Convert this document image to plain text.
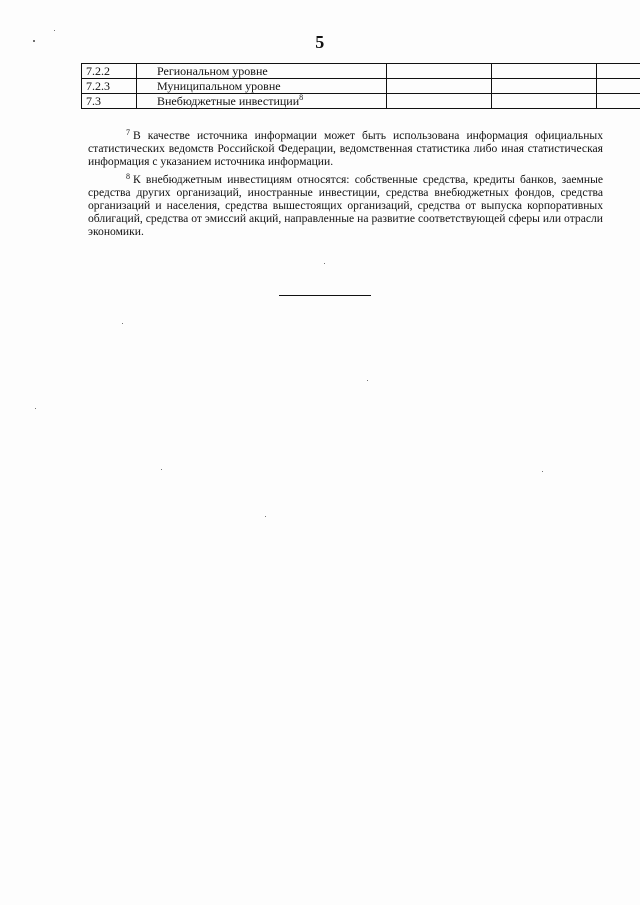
5
7.2.2	Региональном уровне			
7.2.3	Муниципальном уровне			
7.3	Внебюджетные инвестиции$^8$			

$^7$ В качестве источника информации может быть использована информация официальных статистических ведомств Российской Федерации, ведомственная статистика либо иная статистическая информация с указанием источника информации.

$^8$ К внебюджетным инвестициям относятся: собственные средства, кредиты банков, заемные средства других организаций, иностранные инвестиции, средства внебюджетных фондов, средства организаций и населения, средства вышестоящих организаций, средства от выпуска корпоративных облигаций, средства от эмиссий акций, направленные на развитие соответствующей сферы или отрасли экономики.
